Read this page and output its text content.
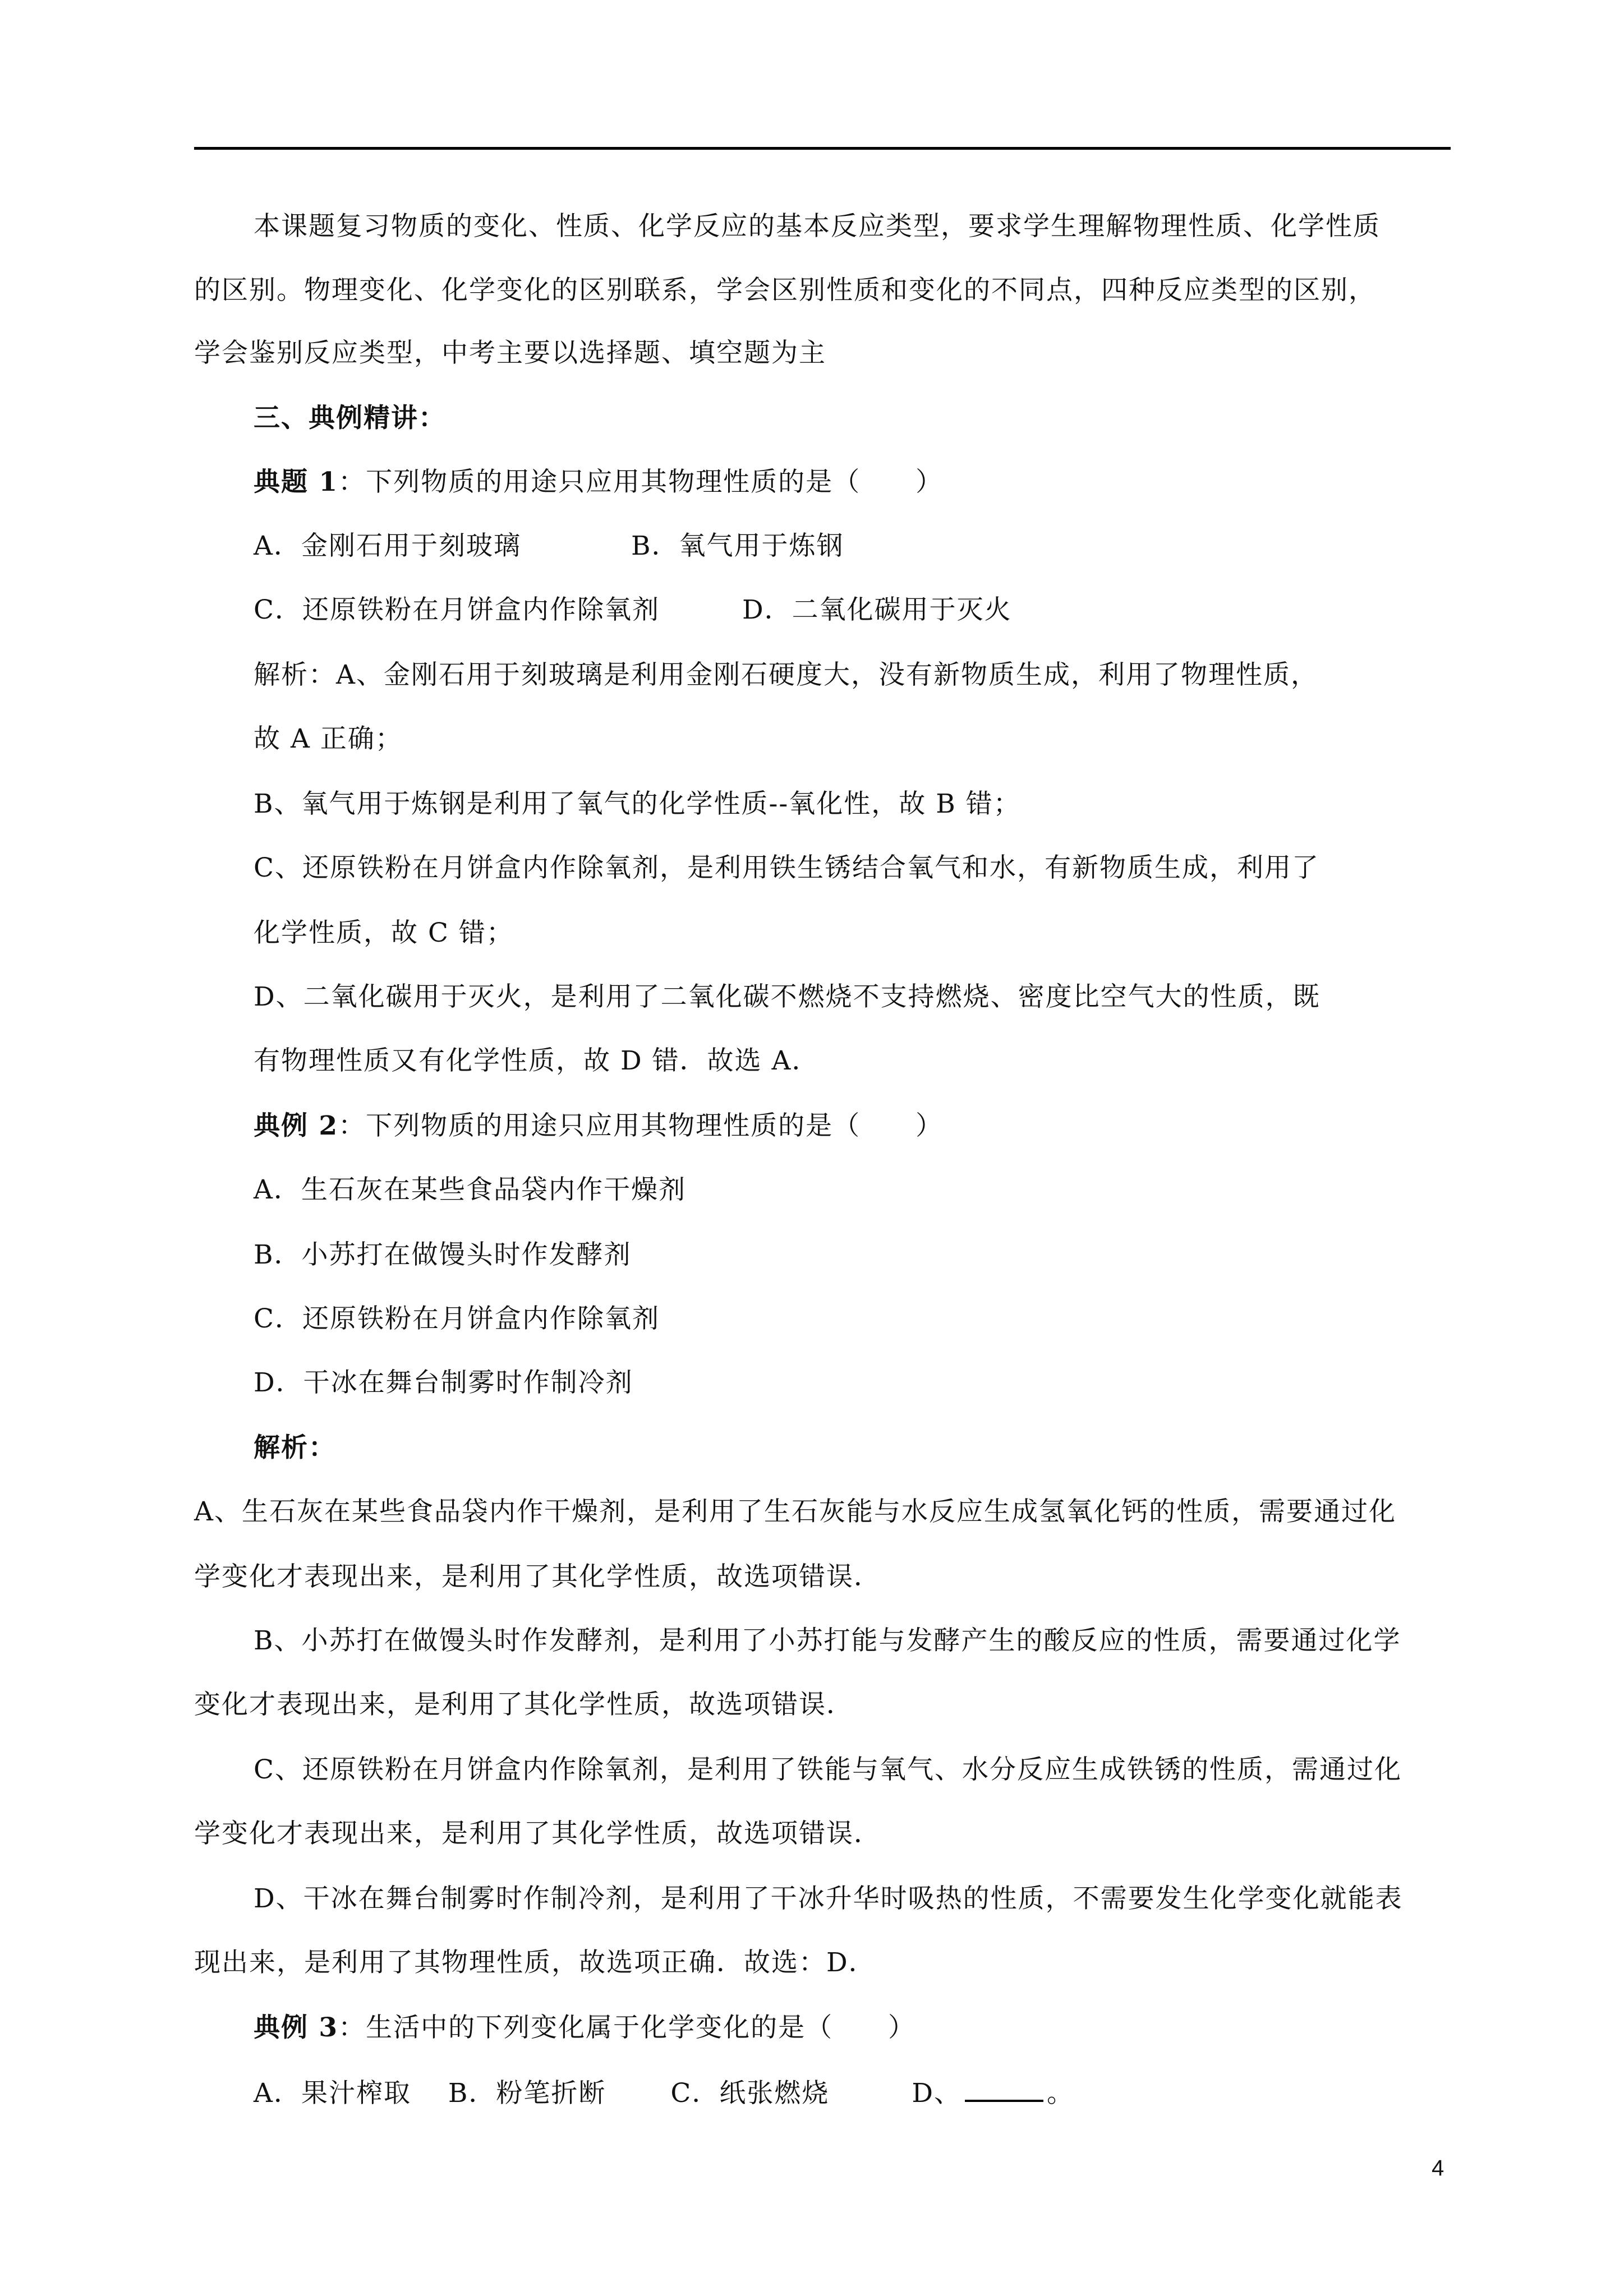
本课题复习物质的变化、性质、化学反应的基本反应类型，要求学生理解物理性质、化学性质
的区别。物理变化、化学变化的区别联系，学会区别性质和变化的不同点，四种反应类型的区别，
学会鉴别反应类型，中考主要以选择题、填空题为主
三、典例精讲：
典题 1：下列物质的用途只应用其物理性质的是（　　）
A．金刚石用于刻玻璃　　　　B．氧气用于炼钢
C．还原铁粉在月饼盒内作除氧剂　　　D．二氧化碳用于灭火
解析：A、金刚石用于刻玻璃是利用金刚石硬度大，没有新物质生成，利用了物理性质，
故 A 正确；
B、氧气用于炼钢是利用了氧气的化学性质--氧化性，故 B 错；
C、还原铁粉在月饼盒内作除氧剂，是利用铁生锈结合氧气和水，有新物质生成，利用了
化学性质，故 C 错；
D、二氧化碳用于灭火，是利用了二氧化碳不燃烧不支持燃烧、密度比空气大的性质，既
有物理性质又有化学性质，故 D 错．故选 A．
典例 2：下列物质的用途只应用其物理性质的是（　　）
A．生石灰在某些食品袋内作干燥剂
B．小苏打在做馒头时作发酵剂
C．还原铁粉在月饼盒内作除氧剂
D．干冰在舞台制雾时作制冷剂
解析：
A、生石灰在某些食品袋内作干燥剂，是利用了生石灰能与水反应生成氢氧化钙的性质，需要通过化
学变化才表现出来，是利用了其化学性质，故选项错误．
B、小苏打在做馒头时作发酵剂，是利用了小苏打能与发酵产生的酸反应的性质，需要通过化学
变化才表现出来，是利用了其化学性质，故选项错误．
C、还原铁粉在月饼盒内作除氧剂，是利用了铁能与氧气、水分反应生成铁锈的性质，需通过化
学变化才表现出来，是利用了其化学性质，故选项错误．
D、干冰在舞台制雾时作制冷剂，是利用了干冰升华时吸热的性质，不需要发生化学变化就能表
现出来，是利用了其物理性质，故选项正确．故选：D．
典例 3：生活中的下列变化属于化学变化的是（　　）
A．果汁榨取　 B．粉笔折断　　 C．纸张燃烧　　　D、	。
4
